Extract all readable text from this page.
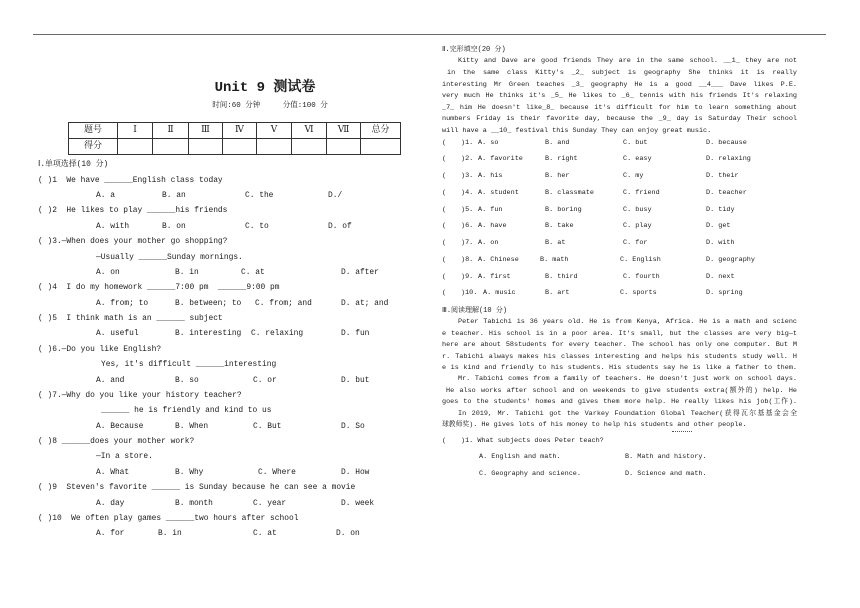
Unit 9 测试卷
时间:60 分钟     分值:100 分
题号	Ⅰ	Ⅱ	Ⅲ	Ⅳ	Ⅴ	Ⅵ	Ⅶ	总分
得分								
Ⅰ.单项选择(10 分)
( )1  We have ______English class today

A. a

	B. an

	C. the

	D./

( )2  He likes to play ______his friends

A. with

	B. on

	C. to

	D. of

( )3.—When does your mother go shopping?
—Usually ______Sunday mornings.

A. on

	B. in

	C. at

	D. after

( )4  I do my homework ______7:00 pm  ______9:00 pm

A. from; to

	B. between; to

C. from; and

	D. at; and

( )5  I think math is an ______ subject

A. useful

	B. interesting

C. relaxing

	D. fun

( )6.—Do you like English?
Yes, it's difficult ______interesting

A. and

	B. so

	C. or

	D. but

( )7.—Why do you like your history teacher?
______ he is friendly and kind to us

A. Because

	B. When

	C. But

	D. So

( )8 ______does your mother work?
—In a store.

A. What

	B. Why

	C. Where

	D. How

( )9  Steven's favorite ______ is Sunday because he can see a movie

A. day

	B. month

	C. year

	D. week

( )10  We often play games ______two hours after school

A. for

	B. in

	C. at

	D. on

Ⅱ.完形填空(20 分)
Kitty and Dave are good friends They are in the same school. __1_ they are not
in the same class Kitty's _2_ subject is geography She thinks it is really
interesting Mr Green teaches _3_ geography He is a good __4___ Dave likes P.E.
very much He thinks it's _5_ He likes to _6_ tennis with his friends It's relaxing
_7_ him He doesn't like_8_ because it's difficult for him to learn something about
numbers Friday is their favorite day, because the _9_ day is Saturday Their school
will have a __10_ festival this Sunday They can enjoy great music.
( )1. A. so	B. and	C. but	D. because
( )2. A. favorite	B. right	C. easy	D. relaxing
( )3. A. his	B. her	C. my	D. their
( )4. A. student	B. classmate	C. friend	D. teacher
( )5. A. fun	B. boring	C. busy	D. tidy
( )6. A. have	B. take	C. play	D. get
( )7. A. on	B. at	C. for	D. with
( )8. A. Chinese	B. math	C. English	D. geography
( )9. A. first	B. third	C. fourth	D. next
( )10. A. music	B. art	C. sports	D. spring
Ⅲ.阅读理解(10 分)
Peter Tabichi is 36 years old. He is from Kenya, Africa. He is a math and scienc
e teacher. His school is in a poor area. It's small, but the classes are very big—t
here are about 58students for every teacher. The school has only one computer. But M
r. Tabichi always makes his classes interesting and helps his students study well. H
e is kind and friendly to his students. His students say he is like a father to them.
Mr. Tabichi comes from a family of teachers. He doesn't just work on school days.
He also works after school and on weekends to give students extra(额外的) help. He
goes to the students' homes and gives them more help. He really likes his job(工作).
In 2019, Mr. Tabichi got the Varkey Foundation Global Teacher(获得瓦尔基基金会全
球教师奖). He gives lots of his money to help his students and other people.
( )1. What subjects does Peter teach?
A. English and math.	B. Math and history.
C. Geography and science.	D. Science and math.
